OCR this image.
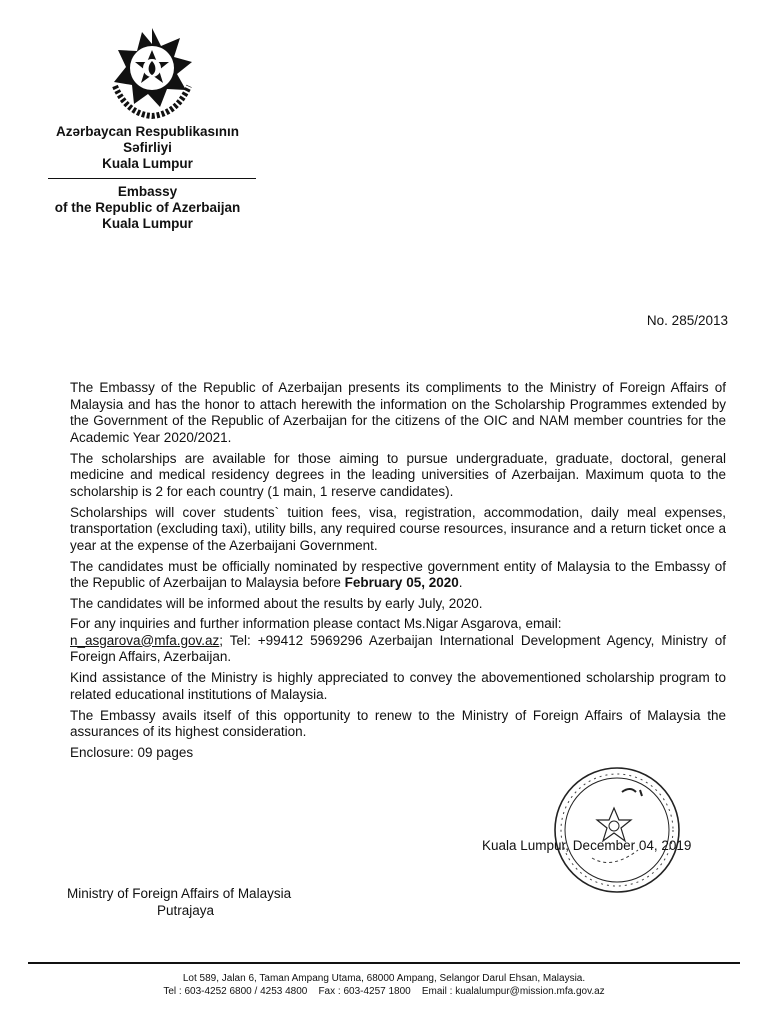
Azərbaycan Respublikasının
Səfirliyi
Kuala Lumpur
Embassy
of the Republic of Azerbaijan
Kuala Lumpur
No. 285/2013

The Embassy of the Republic of Azerbaijan presents its compliments to the Ministry of Foreign Affairs of Malaysia and has the honor to attach herewith the information on the Scholarship Programmes extended by the Government of the Republic of Azerbaijan for the citizens of the OIC and NAM member countries for the Academic Year 2020/2021.

The scholarships are available for those aiming to pursue undergraduate, graduate, doctoral, general medicine and medical residency degrees in the leading universities of Azerbaijan. Maximum quota to the scholarship is 2 for each country (1 main, 1 reserve candidates).

Scholarships will cover students` tuition fees, visa, registration, accommodation, daily meal expenses, transportation (excluding taxi), utility bills, any required course resources, insurance and a return ticket once a year at the expense of the Azerbaijani Government.

The candidates must be officially nominated by respective government entity of Malaysia to the Embassy of the Republic of Azerbaijan to Malaysia before February 05, 2020.

The candidates will be informed about the results by early July, 2020.

For any inquiries and further information please contact Ms.Nigar Asgarova, email:
n_asgarova@mfa.gov.az; Tel: +99412 5969296 Azerbaijan International Development Agency, Ministry of Foreign Affairs, Azerbaijan.

Kind assistance of the Ministry is highly appreciated to convey the abovementioned scholarship program to related educational institutions of Malaysia.

The Embassy avails itself of this opportunity to renew to the Ministry of Foreign Affairs of Malaysia the assurances of its highest consideration.

Enclosure: 09 pages

Kuala Lumpur, December 04, 2019
Ministry of Foreign Affairs of Malaysia
Putrajaya
Lot 589, Jalan 6, Taman Ampang Utama, 68000 Ampang, Selangor Darul Ehsan, Malaysia.
Tel : 603-4252 6800 / 4253 4800    Fax : 603-4257 1800    Email : kualalumpur@mission.mfa.gov.az
